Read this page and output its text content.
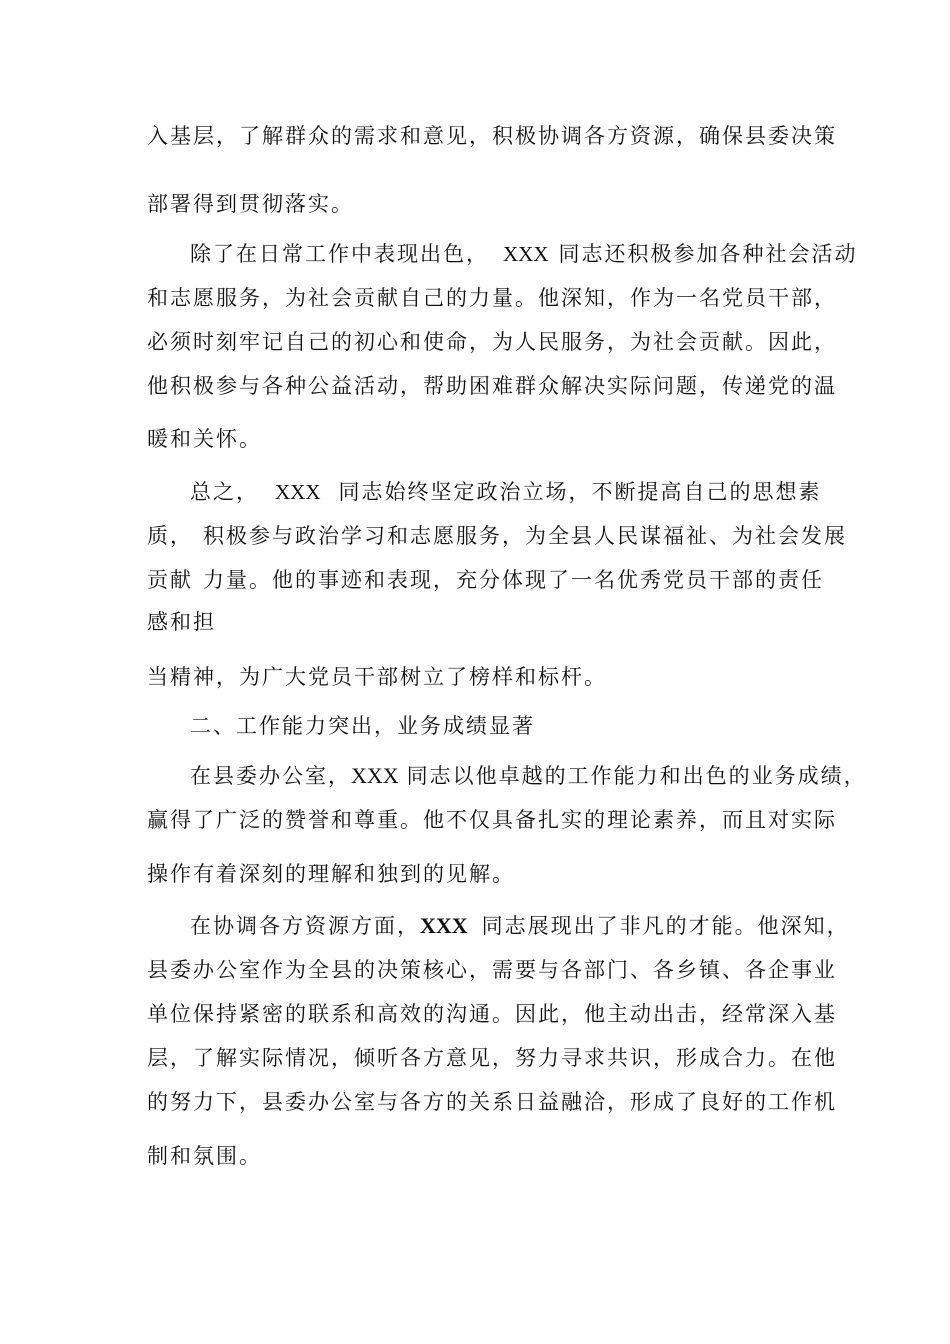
入基层，了解群众的需求和意见，积极协调各方资源，确保县委决策
部署得到贯彻落实。
除了在日常工作中表现出色， XXX 同志还积极参加各种社会活动
和志愿服务，为社会贡献自己的力量。他深知，作为一名党员干部，
必须时刻牢记自己的初心和使命，为人民服务，为社会贡献。因此，
他积极参与各种公益活动，帮助困难群众解决实际问题，传递党的温
暖和关怀。
总之， XXX 同志始终坚定政治立场，不断提高自己的思想素
质， 积极参与政治学习和志愿服务，为全县人民谋福祉、为社会发展
贡献 力量。他的事迹和表现，充分体现了一名优秀党员干部的责任
感和担
当精神，为广大党员干部树立了榜样和标杆。
二、工作能力突出，业务成绩显著
在县委办公室，XXX 同志以他卓越的工作能力和出色的业务成绩，
赢得了广泛的赞誉和尊重。他不仅具备扎实的理论素养，而且对实际
操作有着深刻的理解和独到的见解。
在协调各方资源方面，XXX 同志展现出了非凡的才能。他深知，
县委办公室作为全县的决策核心，需要与各部门、各乡镇、各企事业
单位保持紧密的联系和高效的沟通。因此，他主动出击，经常深入基
层，了解实际情况，倾听各方意见，努力寻求共识，形成合力。在他
的努力下，县委办公室与各方的关系日益融洽，形成了良好的工作机
制和氛围。
